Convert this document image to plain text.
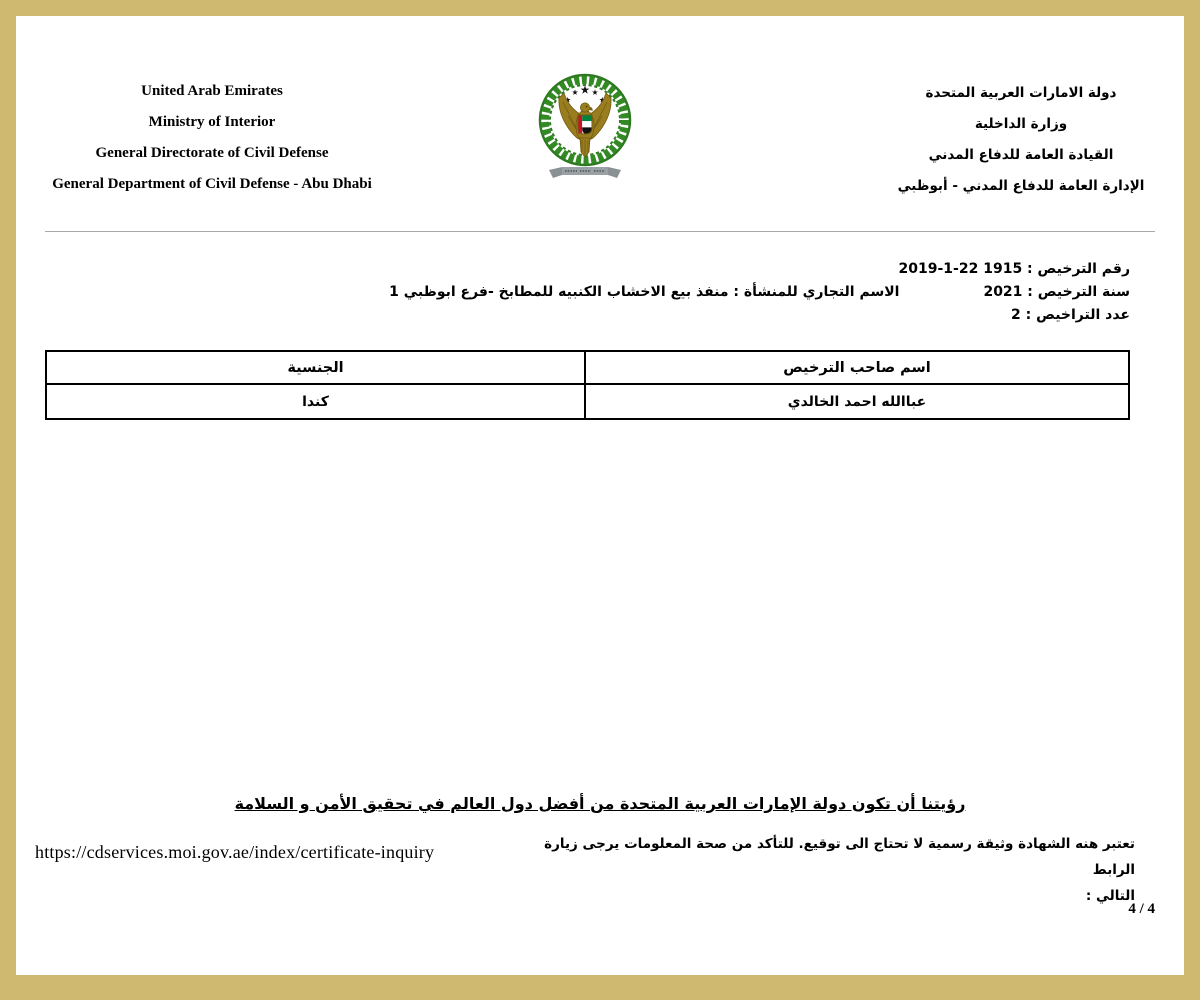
United Arab Emirates
Ministry of Interior
General Directorate of Civil Defense
General Department of Civil Defense - Abu Dhabi
دولة الامارات العربية المتحدة
وزارة الداخلية
القيادة العامة للدفاع المدني
الإدارة العامة للدفاع المدني - أبوظبي
رقم الترخيص : 1915 22-1-2019
سنة الترخيص : 2021الاسم التجاري للمنشأة : منفذ بيع الاخشاب الكنبيه للمطابخ -فرع ابوظبي 1
عدد التراخيص : 2
اسم صاحب الترخيص	الجنسية
عباالله احمد الخالدي	كندا
رؤيتنا أن تكون دولة الإمارات العربية المتحدة من أفضل دول العالم في تحقيق الأمن و السلامة
تعتبر هنه الشهادة وثيقة رسمية لا تحتاج الى توقيع. للتأكد من صحة المعلومات يرجى زيارة الرابط
التالي :
https://cdservices.moi.gov.ae/index/certificate-inquiry
4 / 4
